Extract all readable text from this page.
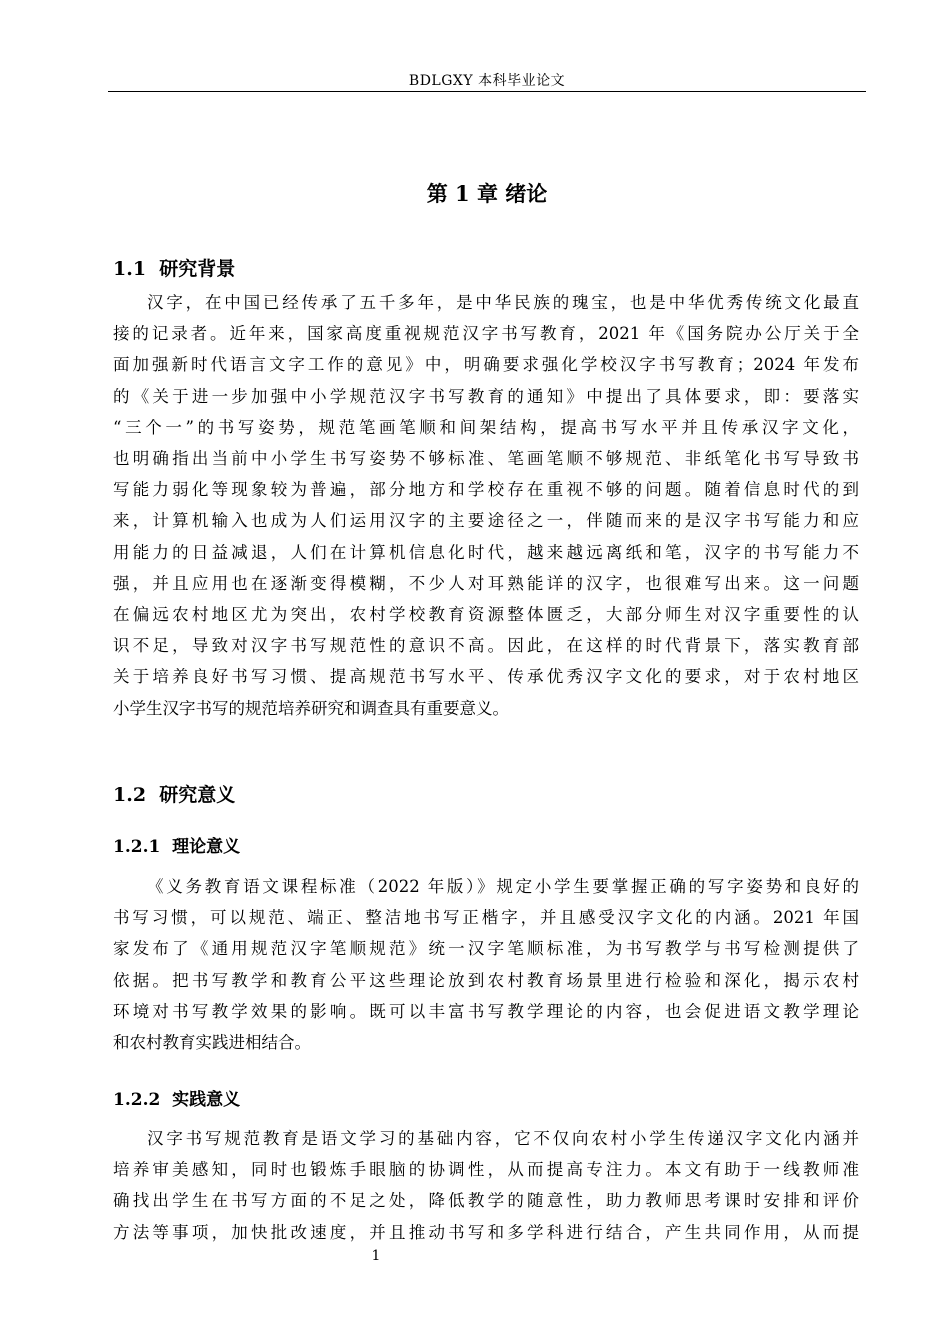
BDLGXY 本科毕业论文
第 1 章 绪论
1.1  研究背景
汉字，在中国已经传承了五千多年，是中华民族的瑰宝，也是中华优秀传统文化最直
接的记录者。近年来，国家高度重视规范汉字书写教育，2021 年《国务院办公厅关于全
面加强新时代语言文字工作的意见》中，明确要求强化学校汉字书写教育；2024 年发布
的《关于进一步加强中小学规范汉字书写教育的通知》中提出了具体要求，即：要落实
“三个一”的书写姿势，规范笔画笔顺和间架结构，提高书写水平并且传承汉字文化，
也明确指出当前中小学生书写姿势不够标准、笔画笔顺不够规范、非纸笔化书写导致书
写能力弱化等现象较为普遍，部分地方和学校存在重视不够的问题。随着信息时代的到
来，计算机输入也成为人们运用汉字的主要途径之一，伴随而来的是汉字书写能力和应
用能力的日益减退，人们在计算机信息化时代，越来越远离纸和笔，汉字的书写能力不
强，并且应用也在逐渐变得模糊，不少人对耳熟能详的汉字，也很难写出来。这一问题
在偏远农村地区尤为突出，农村学校教育资源整体匮乏，大部分师生对汉字重要性的认
识不足，导致对汉字书写规范性的意识不高。因此，在这样的时代背景下，落实教育部
关于培养良好书写习惯、提高规范书写水平、传承优秀汉字文化的要求，对于农村地区
小学生汉字书写的规范培养研究和调查具有重要意义。
1.2  研究意义
1.2.1  理论意义
《义务教育语文课程标准（2022 年版）》规定小学生要掌握正确的写字姿势和良好的
书写习惯，可以规范、端正、整洁地书写正楷字，并且感受汉字文化的内涵。2021 年国
家发布了《通用规范汉字笔顺规范》统一汉字笔顺标准，为书写教学与书写检测提供了
依据。把书写教学和教育公平这些理论放到农村教育场景里进行检验和深化，揭示农村
环境对书写教学效果的影响。既可以丰富书写教学理论的内容，也会促进语文教学理论
和农村教育实践进相结合。
1.2.2  实践意义
汉字书写规范教育是语文学习的基础内容，它不仅向农村小学生传递汉字文化内涵并
培养审美感知，同时也锻炼手眼脑的协调性，从而提高专注力。本文有助于一线教师准
确找出学生在书写方面的不足之处，降低教学的随意性，助力教师思考课时安排和评价
方法等事项，加快批改速度，并且推动书写和多学科进行结合，产生共同作用，从而提
1
